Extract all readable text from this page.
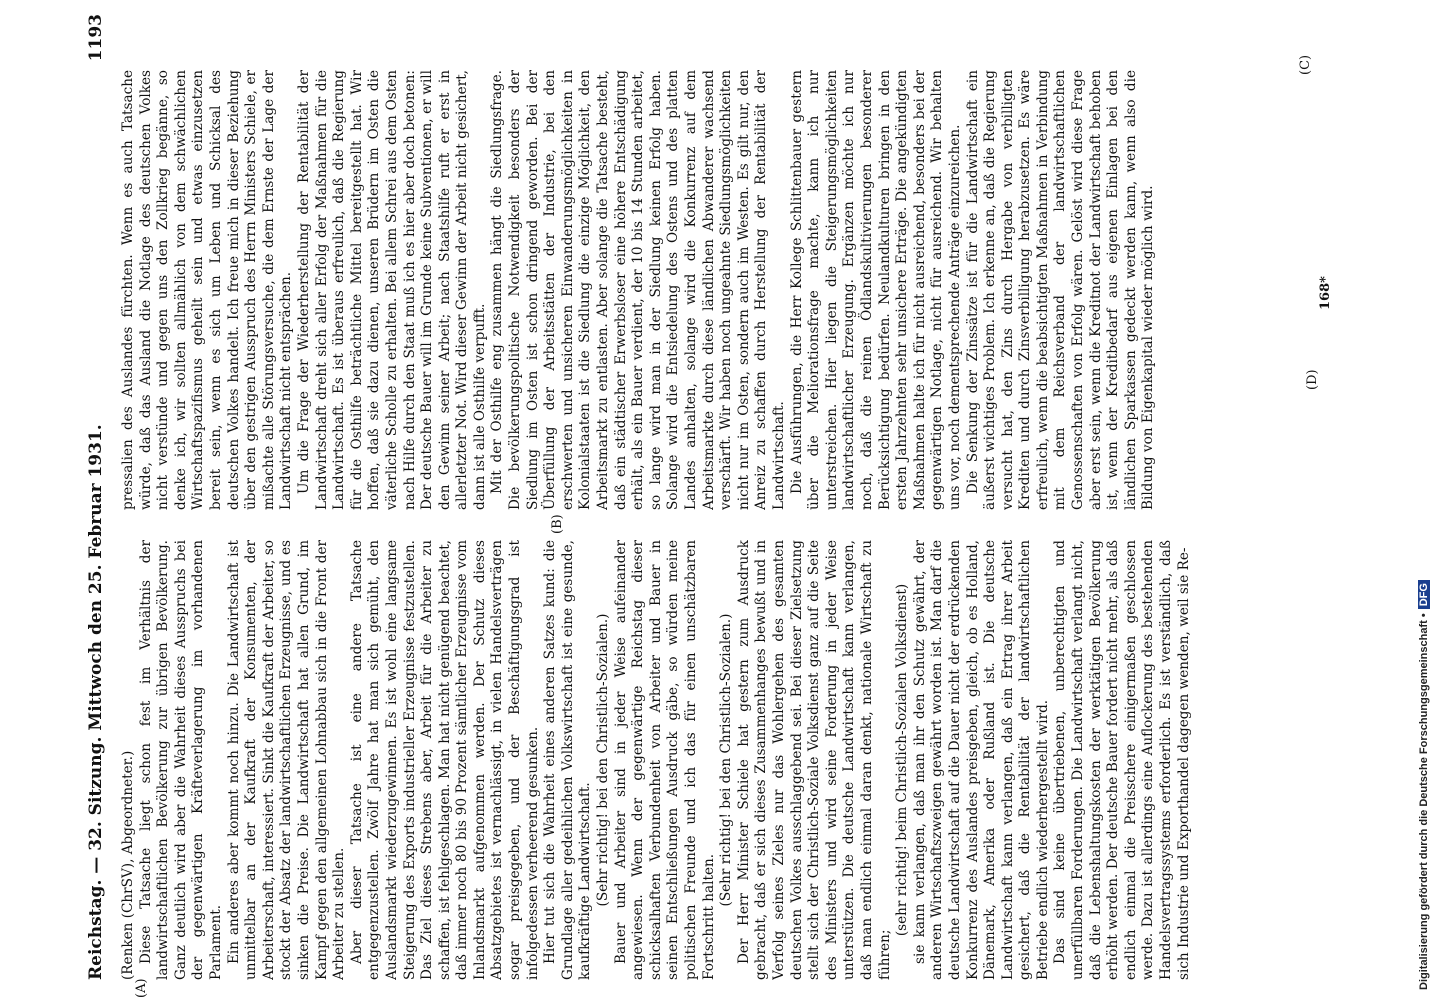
Reichstag. — 32. Sitzung. Mittwoch den 25. Februar 1931.
1193

(Renken (ChrSV), Abgeordneter.) Diese Tatsache liegt schon fest im Verhältnis der landwirtschaftlichen Bevölkerung zur übrigen Bevölkerung. Ganz deutlich wird aber die Wahrheit dieses Ausspruchs bei der gegenwärtigen Kräfteverlagerung im vorhandenen Parlament. Ein anderes aber kommt noch hinzu. Die Landwirtschaft ist unmittelbar an der Kaufkraft der Konsumenten, der Arbeiterschaft, interessiert. Sinkt die Kaufkraft der Arbeiter, so stockt der Absatz der landwirtschaftlichen Erzeugnisse, und es sinken die Preise. Die Landwirtschaft hat allen Grund, im Kampf gegen den allgemeinen Lohnabbau sich in die Front der Arbeiter zu stellen. Aber dieser Tatsache ist eine andere Tatsache entgegenzustellen. Zwölf Jahre hat man sich gemüht, den Auslandsmarkt wiederzugewinnen. Es ist wohl eine langsame Steigerung des Exports industrieller Erzeugnisse festzustellen. Das Ziel dieses Strebens aber, Arbeit für die Arbeiter zu schaffen, ist fehlgeschlagen. Man hat nicht genügend beachtet, daß immer noch 80 bis 90 Prozent sämtlicher Erzeugnisse vom Inlandsmarkt aufgenommen werden. Der Schutz dieses Absatzgebietes ist vernachlässigt, in vielen Handelsverträgen sogar preisgegeben, und der Beschäftigungsgrad ist infolgedessen verheerend gesunken. Hier tut sich die Wahrheit eines anderen Satzes kund: die Grundlage aller gedeihlichen Volkswirtschaft ist eine gesunde, kaufkräftige Landwirtschaft. (Sehr richtig! bei den Christlich-Sozialen.) Bauer und Arbeiter sind in jeder Weise aufeinander angewiesen. Wenn der gegenwärtige Reichstag dieser schicksalhaften Verbundenheit von Arbeiter und Bauer in seinen Entschließungen Ausdruck gäbe, so würden meine politischen Freunde und ich das für einen unschätzbaren Fortschritt halten.

(Sehr richtig! bei den Christlich-Sozialen.) Der Herr Minister Schiele hat gestern zum Ausdruck gebracht, daß er sich dieses Zusammenhanges bewußt und in Verfolg seines Zieles nur das Wohlergehen des gesamten deutschen Volkes ausschlaggebend sei. Bei dieser Zielsetzung stellt sich der Christlich-Soziale Volksdienst ganz auf die Seite des Ministers und wird seine Forderung in jeder Weise unterstützen. Die deutsche Landwirtschaft kann verlangen, daß man endlich einmal daran denkt, nationale Wirtschaft zu führen;

(sehr richtig! beim Christlich-Sozialen Volksdienst) sie kann verlangen, daß man ihr den Schutz gewährt, der anderen Wirtschaftszweigen gewährt worden ist. Man darf die deutsche Landwirtschaft auf die Dauer nicht der erdrückenden Konkurrenz des Auslandes preisgeben, gleich, ob es Holland, Dänemark, Amerika oder Rußland ist. Die deutsche Landwirtschaft kann verlangen, daß ein Ertrag ihrer Arbeit gesichert, daß die Rentabilität der landwirtschaftlichen Betriebe endlich wiederhergestellt wird. Das sind keine übertriebenen, unberechtigten und unerfüllbaren Forderungen. Die Landwirtschaft verlangt nicht, daß die Lebenshaltungskosten der werktätigen Bevölkerung erhöht werden. Der deutsche Bauer fordert nicht mehr, als daß endlich einmal die Preisschere einigermaßen geschlossen werde. Dazu ist allerdings eine Auflockerung des bestehenden Handelsvertragssystems erforderlich. Es ist verständlich, daß sich Industrie und Exporthandel dagegen wenden, weil sie Re-

pressalien des Auslandes fürchten. Wenn es auch Tatsache würde, daß das Ausland die Notlage des deutschen Volkes nicht verstünde und gegen uns den Zollkrieg begänne, so denke ich, wir sollten allmählich von dem schwächlichen Wirtschaftspazifismus geheilt sein und etwas einzusetzen bereit sein, wenn es sich um Leben und Schicksal des deutschen Volkes handelt. Ich freue mich in dieser Beziehung über den gestrigen Ausspruch des Herrn Ministers Schiele, er mißachte alle Störungsversuche, die dem Ernste der Lage der Landwirtschaft nicht entsprächen. Um die Frage der Wiederherstellung der Rentabilität der Landwirtschaft dreht sich aller Erfolg der Maßnahmen für die Landwirtschaft. Es ist überaus erfreulich, daß die Regierung für die Osthilfe beträchtliche Mittel bereitgestellt hat. Wir hoffen, daß sie dazu dienen, unseren Brüdern im Osten die väterliche Scholle zu erhalten. Bei allem Schrei aus dem Osten nach Hilfe durch den Staat muß ich es hier aber doch betonen: Der deutsche Bauer will im Grunde keine Subventionen, er will den Gewinn seiner Arbeit; nach Staatshilfe ruft er erst in allerletzter Not. Wird dieser Gewinn der Arbeit nicht gesichert, dann ist alle Osthilfe verpufft. Mit der Osthilfe eng zusammen hängt die Siedlungsfrage. Die bevölkerungspolitische Notwendigkeit besonders der Siedlung im Osten ist schon dringend geworden. Bei der Überfüllung der Arbeitsstätten der Industrie, bei den erschwerten und unsicheren Einwanderungsmöglichkeiten in Kolonialstaaten ist die Siedlung die einzige Möglichkeit, den Arbeitsmarkt zu entlasten. Aber solange die Tatsache besteht, daß ein städtischer Erwerbsloser eine höhere Entschädigung erhält, als ein Bauer verdient, der 10 bis 14 Stunden arbeitet, so lange wird man in der Siedlung keinen Erfolg haben. Solange wird die Entsiedelung des Ostens und des platten Landes anhalten, solange wird die Konkurrenz auf dem Arbeitsmarkte durch diese ländlichen Abwanderer wachsend verschärft. Wir haben noch ungeahnte Siedlungsmöglichkeiten nicht nur im Osten, sondern auch im Westen. Es gilt nur, den Anreiz zu schaffen durch Herstellung der Rentabilität der Landwirtschaft. Die Ausführungen, die Herr Kollege Schlittenbauer gestern über die Meliorationsfrage machte, kann ich nur unterstreichen. Hier liegen die Steigerungsmöglichkeiten landwirtschaftlicher Erzeugung. Ergänzen möchte ich nur noch, daß die reinen Ödlandskultivierungen besonderer Berücksichtigung bedürfen. Neulandkulturen bringen in den ersten Jahrzehnten sehr unsichere Erträge. Die angekündigten Maßnahmen halte ich für nicht ausreichend, besonders bei der gegenwärtigen Notlage, nicht für ausreichend. Wir behalten uns vor, noch dementsprechende Anträge einzureichen. Die Senkung der Zinssätze ist für die Landwirtschaft ein äußerst wichtiges Problem. Ich erkenne an, daß die Regierung versucht hat, den Zins durch Hergabe von verbilligten Krediten und durch Zinsverbilligung herabzusetzen. Es wäre erfreulich, wenn die beabsichtigten Maßnahmen in Verbindung mit dem Reichsverband der landwirtschaftlichen Genossenschaften von Erfolg wären. Gelöst wird diese Frage aber erst sein, wenn die Kreditnot der Landwirtschaft behoben ist, wenn der Kreditbedarf aus eigenen Einlagen bei den ländlichen Sparkassen gedeckt werden kann, wenn also die Bildung von Eigenkapital wieder möglich wird.

(A)
(B)
(C)
(D)
168*
Digitalisierung gefördert durch die Deutsche Forschungsgemeinschaft •DFG
